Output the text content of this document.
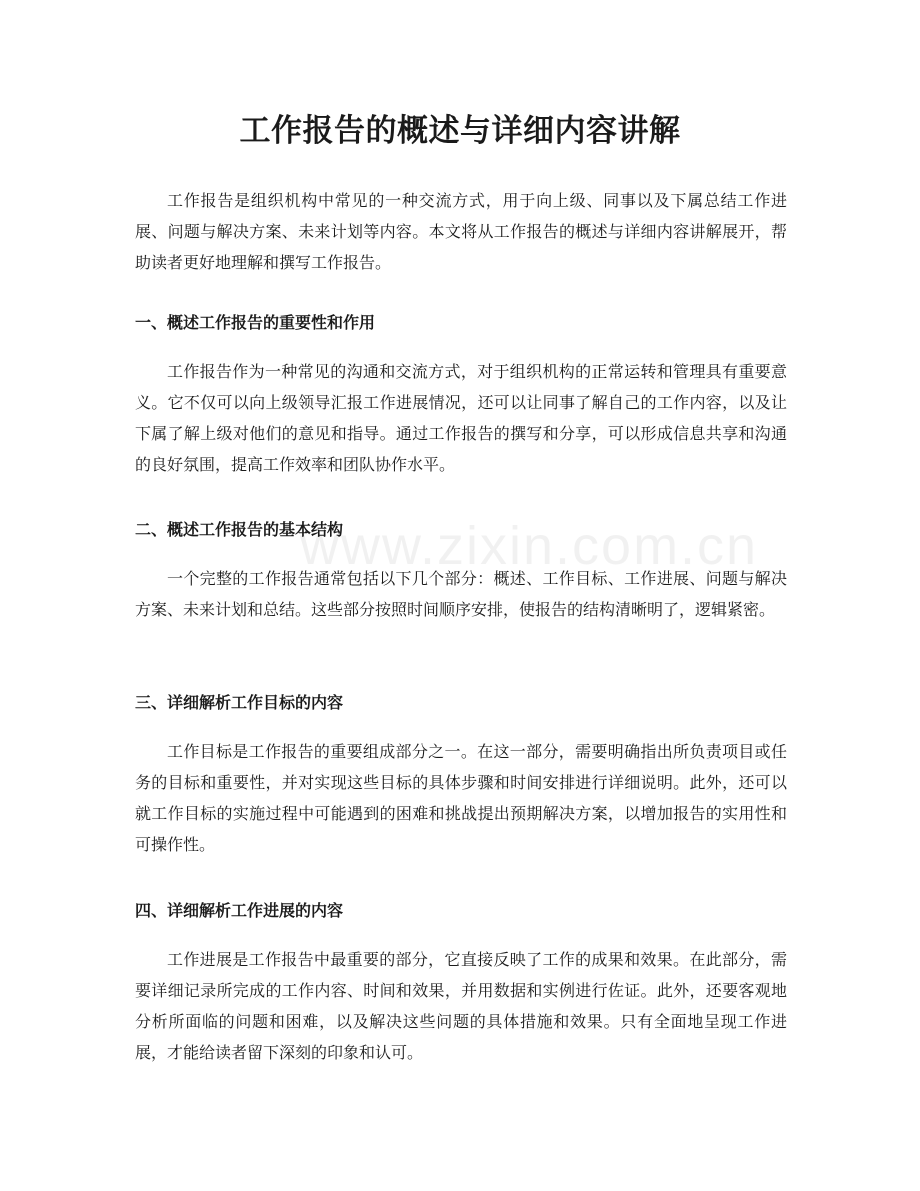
www.zixin.com.cn
工作报告的概述与详细内容讲解

工作报告是组织机构中常见的一种交流方式，用于向上级、同事以及下属总结工作进展、问题与解决方案、未来计划等内容。本文将从工作报告的概述与详细内容讲解展开，帮助读者更好地理解和撰写工作报告。

一、概述工作报告的重要性和作用

工作报告作为一种常见的沟通和交流方式，对于组织机构的正常运转和管理具有重要意义。它不仅可以向上级领导汇报工作进展情况，还可以让同事了解自己的工作内容，以及让下属了解上级对他们的意见和指导。通过工作报告的撰写和分享，可以形成信息共享和沟通的良好氛围，提高工作效率和团队协作水平。

二、概述工作报告的基本结构

一个完整的工作报告通常包括以下几个部分：概述、工作目标、工作进展、问题与解决方案、未来计划和总结。这些部分按照时间顺序安排，使报告的结构清晰明了，逻辑紧密。

三、详细解析工作目标的内容

工作目标是工作报告的重要组成部分之一。在这一部分，需要明确指出所负责项目或任务的目标和重要性，并对实现这些目标的具体步骤和时间安排进行详细说明。此外，还可以就工作目标的实施过程中可能遇到的困难和挑战提出预期解决方案，以增加报告的实用性和可操作性。

四、详细解析工作进展的内容

工作进展是工作报告中最重要的部分，它直接反映了工作的成果和效果。在此部分，需要详细记录所完成的工作内容、时间和效果，并用数据和实例进行佐证。此外，还要客观地分析所面临的问题和困难，以及解决这些问题的具体措施和效果。只有全面地呈现工作进展，才能给读者留下深刻的印象和认可。
